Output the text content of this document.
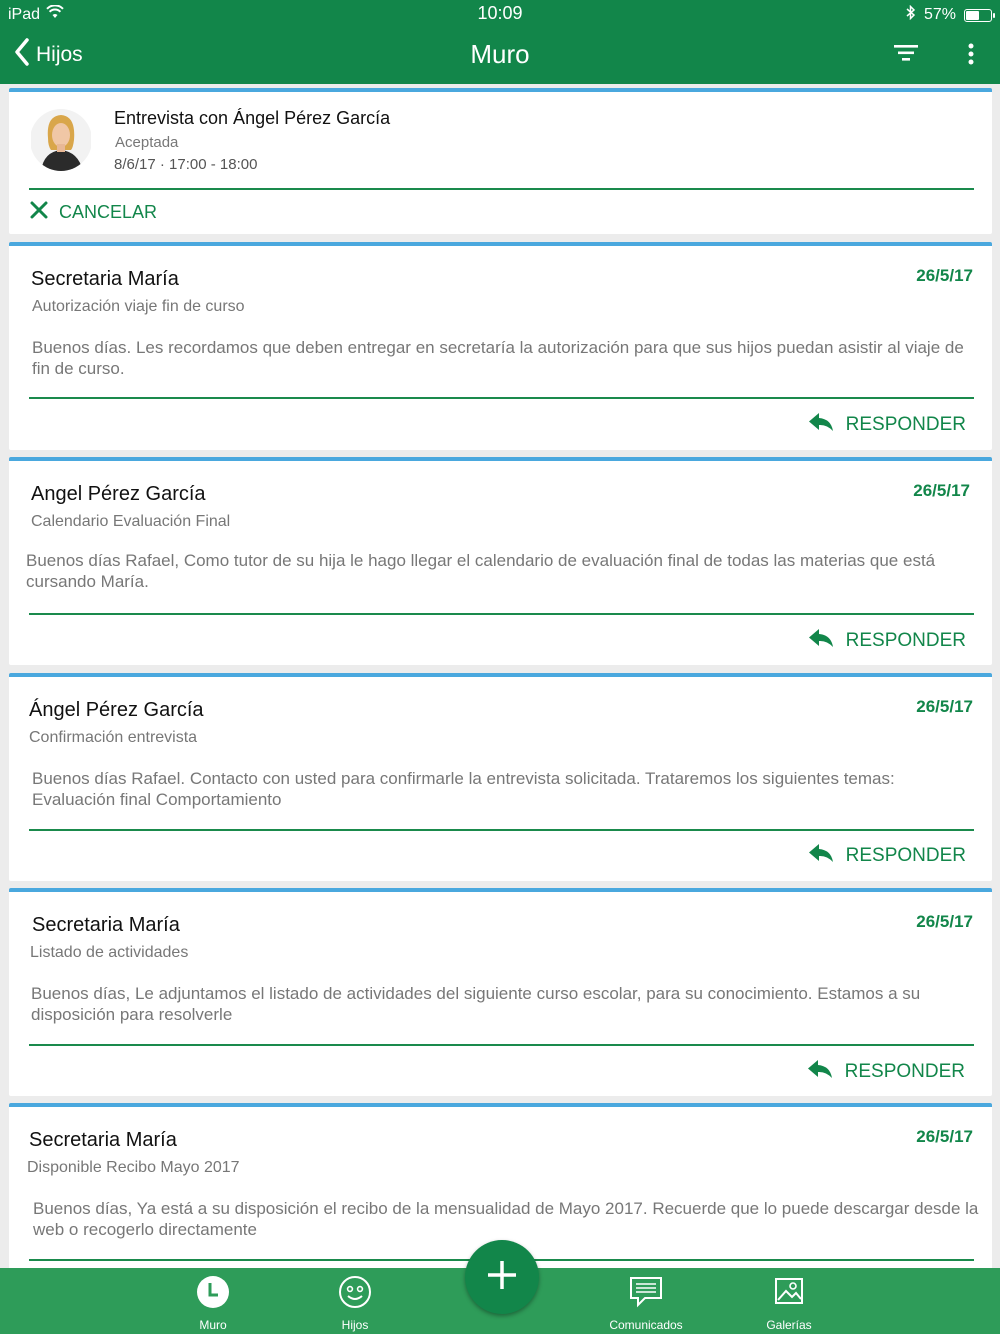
iPad	10:09	57%
Hijos	Muro
Entrevista con Ángel Pérez García
Aceptada
8/6/17 · 17:00 - 18:00
CANCELAR
Secretaria María	26/5/17
Autorización viaje fin de curso
Buenos días. Les recordamos que deben entregar en secretaría la autorización para que sus hijos puedan asistir al viaje de fin de curso.
RESPONDER
Angel Pérez García	26/5/17
Calendario Evaluación Final
Buenos días Rafael, Como tutor de su hija le hago llegar el calendario de evaluación final de todas las materias que está cursando María.
RESPONDER
Ángel Pérez García	26/5/17
Confirmación entrevista
Buenos días Rafael. Contacto con usted para confirmarle la entrevista solicitada. Trataremos los siguientes temas: Evaluación final Comportamiento
RESPONDER
Secretaria María	26/5/17
Listado de actividades
Buenos días, Le adjuntamos el listado de actividades del siguiente curso escolar, para su conocimiento. Estamos a su disposición para resolverle
RESPONDER
Secretaria María	26/5/17
Disponible Recibo Mayo 2017
Buenos días, Ya está a su disposición el recibo de la mensualidad de Mayo 2017. Recuerde que lo puede descargar desde la web o recogerlo directamente
Muro	Hijos	Comunicados	Galerías
